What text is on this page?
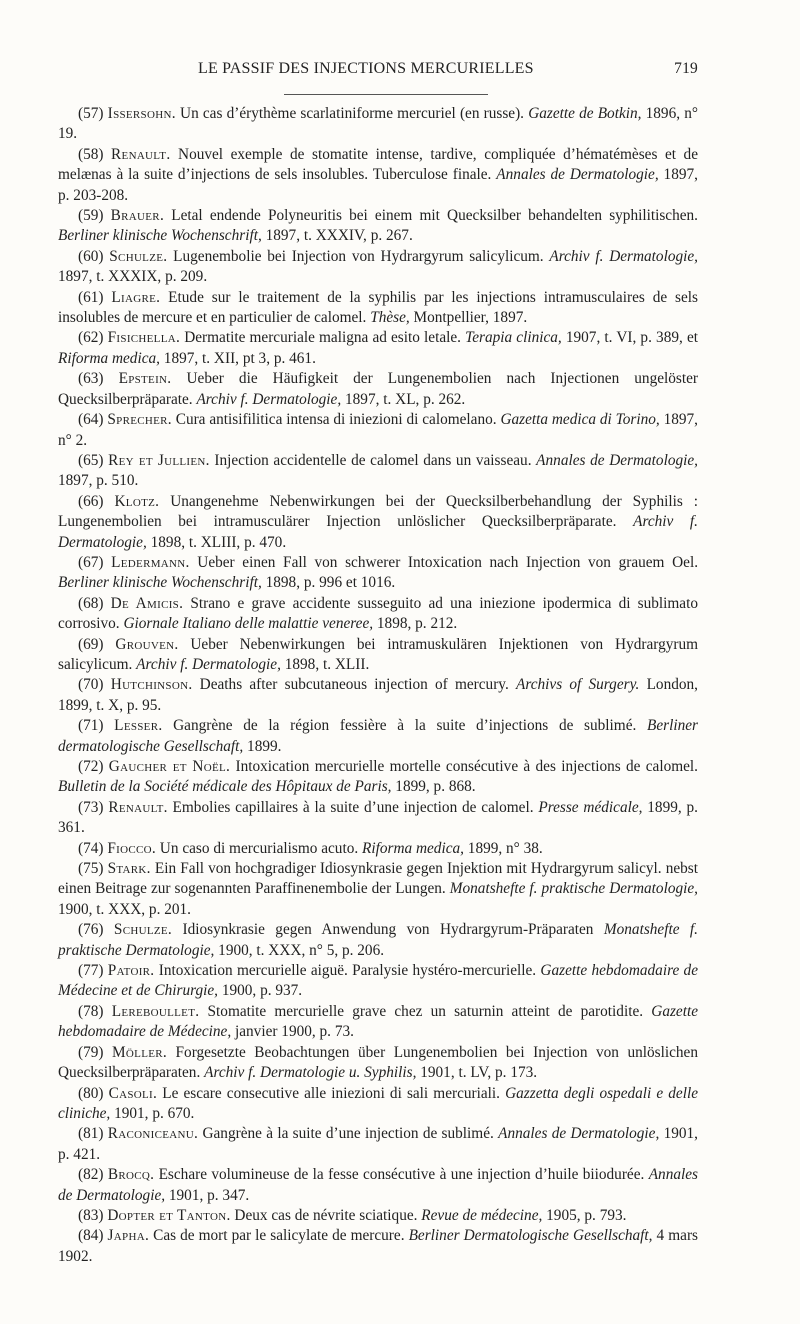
LE PASSIF DES INJECTIONS MERCURIELLES	719

(57) Issersohn. Un cas d’érythème scarlatiniforme mercuriel (en russe). Gazette de Botkin, 1896, n° 19.

(58) Renault. Nouvel exemple de stomatite intense, tardive, compliquée d’hématémèses et de melænas à la suite d’injections de sels insolubles. Tuberculose finale. Annales de Dermatologie, 1897, p. 203-208.

(59) Brauer. Letal endende Polyneuritis bei einem mit Quecksilber behandelten syphilitischen. Berliner klinische Wochenschrift, 1897, t. XXXIV, p. 267.

(60) Schulze. Lugenembolie bei Injection von Hydrargyrum salicylicum. Archiv f. Dermatologie, 1897, t. XXXIX, p. 209.

(61) Liagre. Etude sur le traitement de la syphilis par les injections intramusculaires de sels insolubles de mercure et en particulier de calomel. Thèse, Montpellier, 1897.

(62) Fisichella. Dermatite mercuriale maligna ad esito letale. Terapia clinica, 1907, t. VI, p. 389, et Riforma medica, 1897, t. XII, pt 3, p. 461.

(63) Epstein. Ueber die Häufigkeit der Lungenembolien nach Injectionen ungelöster Quecksilberpräparate. Archiv f. Dermatologie, 1897, t. XL, p. 262.

(64) Sprecher. Cura antisifilitica intensa di iniezioni di calomelano. Gazetta medica di Torino, 1897, n° 2.

(65) Rey et Jullien. Injection accidentelle de calomel dans un vaisseau. Annales de Dermatologie, 1897, p. 510.

(66) Klotz. Unangenehme Nebenwirkungen bei der Quecksilberbehandlung der Syphilis : Lungenembolien bei intramusculärer Injection unlöslicher Quecksilberpräparate. Archiv f. Dermatologie, 1898, t. XLIII, p. 470.

(67) Ledermann. Ueber einen Fall von schwerer Intoxication nach Injection von grauem Oel. Berliner klinische Wochenschrift, 1898, p. 996 et 1016.

(68) De Amicis. Strano e grave accidente susseguito ad una iniezione ipodermica di sublimato corrosivo. Giornale Italiano delle malattie veneree, 1898, p. 212.

(69) Grouven. Ueber Nebenwirkungen bei intramuskulären Injektionen von Hydrargyrum salicylicum. Archiv f. Dermatologie, 1898, t. XLII.

(70) Hutchinson. Deaths after subcutaneous injection of mercury. Archivs of Surgery. London, 1899, t. X, p. 95.

(71) Lesser. Gangrène de la région fessière à la suite d’injections de sublimé. Berliner dermatologische Gesellschaft, 1899.

(72) Gaucher et Noël. Intoxication mercurielle mortelle consécutive à des injections de calomel. Bulletin de la Société médicale des Hôpitaux de Paris, 1899, p. 868.

(73) Renault. Embolies capillaires à la suite d’une injection de calomel. Presse médicale, 1899, p. 361.

(74) Fiocco. Un caso di mercurialismo acuto. Riforma medica, 1899, n° 38.

(75) Stark. Ein Fall von hochgradiger Idiosynkrasie gegen Injektion mit Hydrargyrum salicyl. nebst einen Beitrage zur sogenannten Paraffinenembolie der Lungen. Monatshefte f. praktische Dermatologie, 1900, t. XXX, p. 201.

(76) Schulze. Idiosynkrasie gegen Anwendung von Hydrargyrum-Präparaten Monatshefte f. praktische Dermatologie, 1900, t. XXX, n° 5, p. 206.

(77) Patoir. Intoxication mercurielle aiguë. Paralysie hystéro-mercurielle. Gazette hebdomadaire de Médecine et de Chirurgie, 1900, p. 937.

(78) Lereboullet. Stomatite mercurielle grave chez un saturnin atteint de parotidite. Gazette hebdomadaire de Médecine, janvier 1900, p. 73.

(79) Möller. Forgesetzte Beobachtungen über Lungenembolien bei Injection von unlöslichen Quecksilberpräparaten. Archiv f. Dermatologie u. Syphilis, 1901, t. LV, p. 173.

(80) Casoli. Le escare consecutive alle iniezioni di sali mercuriali. Gazzetta degli ospedali e delle cliniche, 1901, p. 670.

(81) Raconiceanu. Gangrène à la suite d’une injection de sublimé. Annales de Dermatologie, 1901, p. 421.

(82) Brocq. Eschare volumineuse de la fesse consécutive à une injection d’huile biiodurée. Annales de Dermatologie, 1901, p. 347.

(83) Dopter et Tanton. Deux cas de névrite sciatique. Revue de médecine, 1905, p. 793.

(84) Japha. Cas de mort par le salicylate de mercure. Berliner Dermatologische Gesellschaft, 4 mars 1902.
